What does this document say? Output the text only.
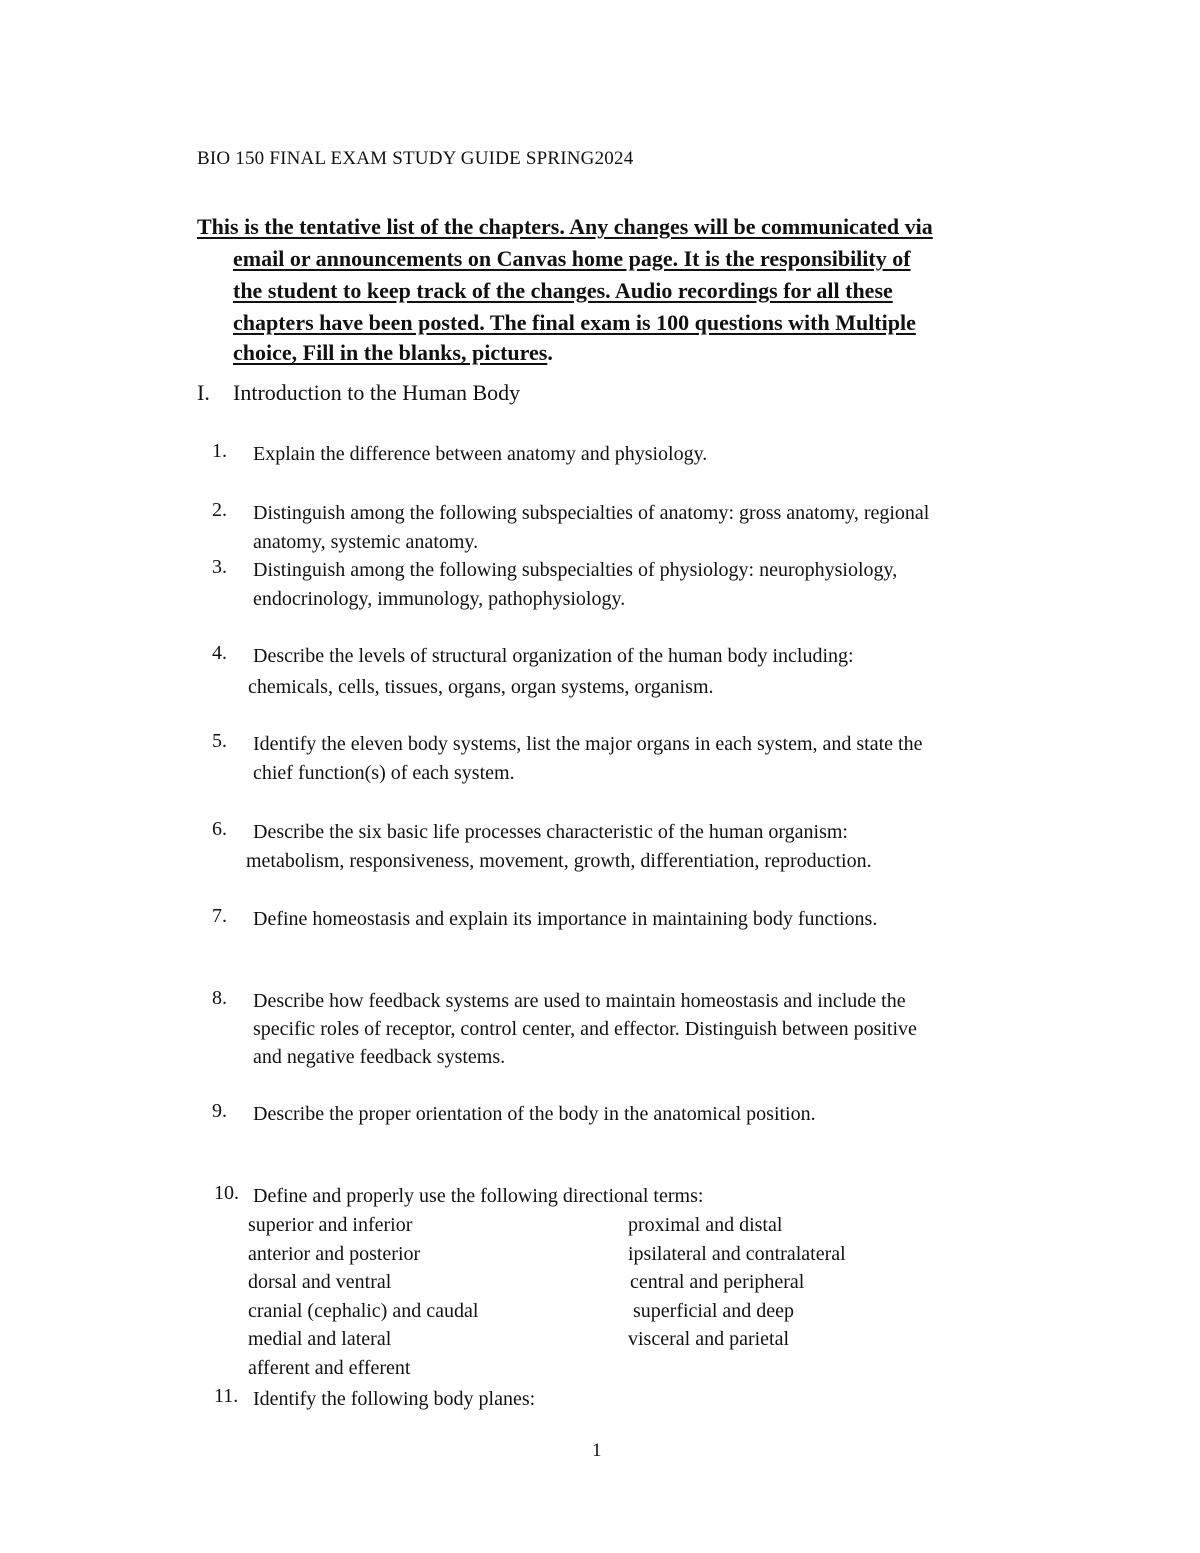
BIO 150 FINAL EXAM STUDY GUIDE SPRING2024
This is the tentative list of the chapters. Any changes will be communicated via
email or announcements on Canvas home page. It is the responsibility of
the student to keep track of the changes. Audio recordings for all these
chapters have been posted. The final exam is 100 questions with Multiple
choice, Fill in the blanks, pictures.
I. Introduction to the Human Body
1. Explain the difference between anatomy and physiology.
2. Distinguish among the following subspecialties of anatomy: gross anatomy, regional
anatomy, systemic anatomy.
3. Distinguish among the following subspecialties of physiology: neurophysiology,
endocrinology, immunology, pathophysiology.
4. Describe the levels of structural organization of the human body including:
chemicals, cells, tissues, organs, organ systems, organism.
5. Identify the eleven body systems, list the major organs in each system, and state the
chief function(s) of each system.
6. Describe the six basic life processes characteristic of the human organism:
metabolism, responsiveness, movement, growth, differentiation, reproduction.
7. Define homeostasis and explain its importance in maintaining body functions.
8. Describe how feedback systems are used to maintain homeostasis and include the
specific roles of receptor, control center, and effector. Distinguish between positive
and negative feedback systems.
9. Describe the proper orientation of the body in the anatomical position.
10. Define and properly use the following directional terms:
superior and inferior
anterior and posterior
dorsal and ventral
cranial (cephalic) and caudal
medial and lateral
afferent and efferent
proximal and distal
ipsilateral and contralateral
central and peripheral
superficial and deep
visceral and parietal
11. Identify the following body planes:
1
